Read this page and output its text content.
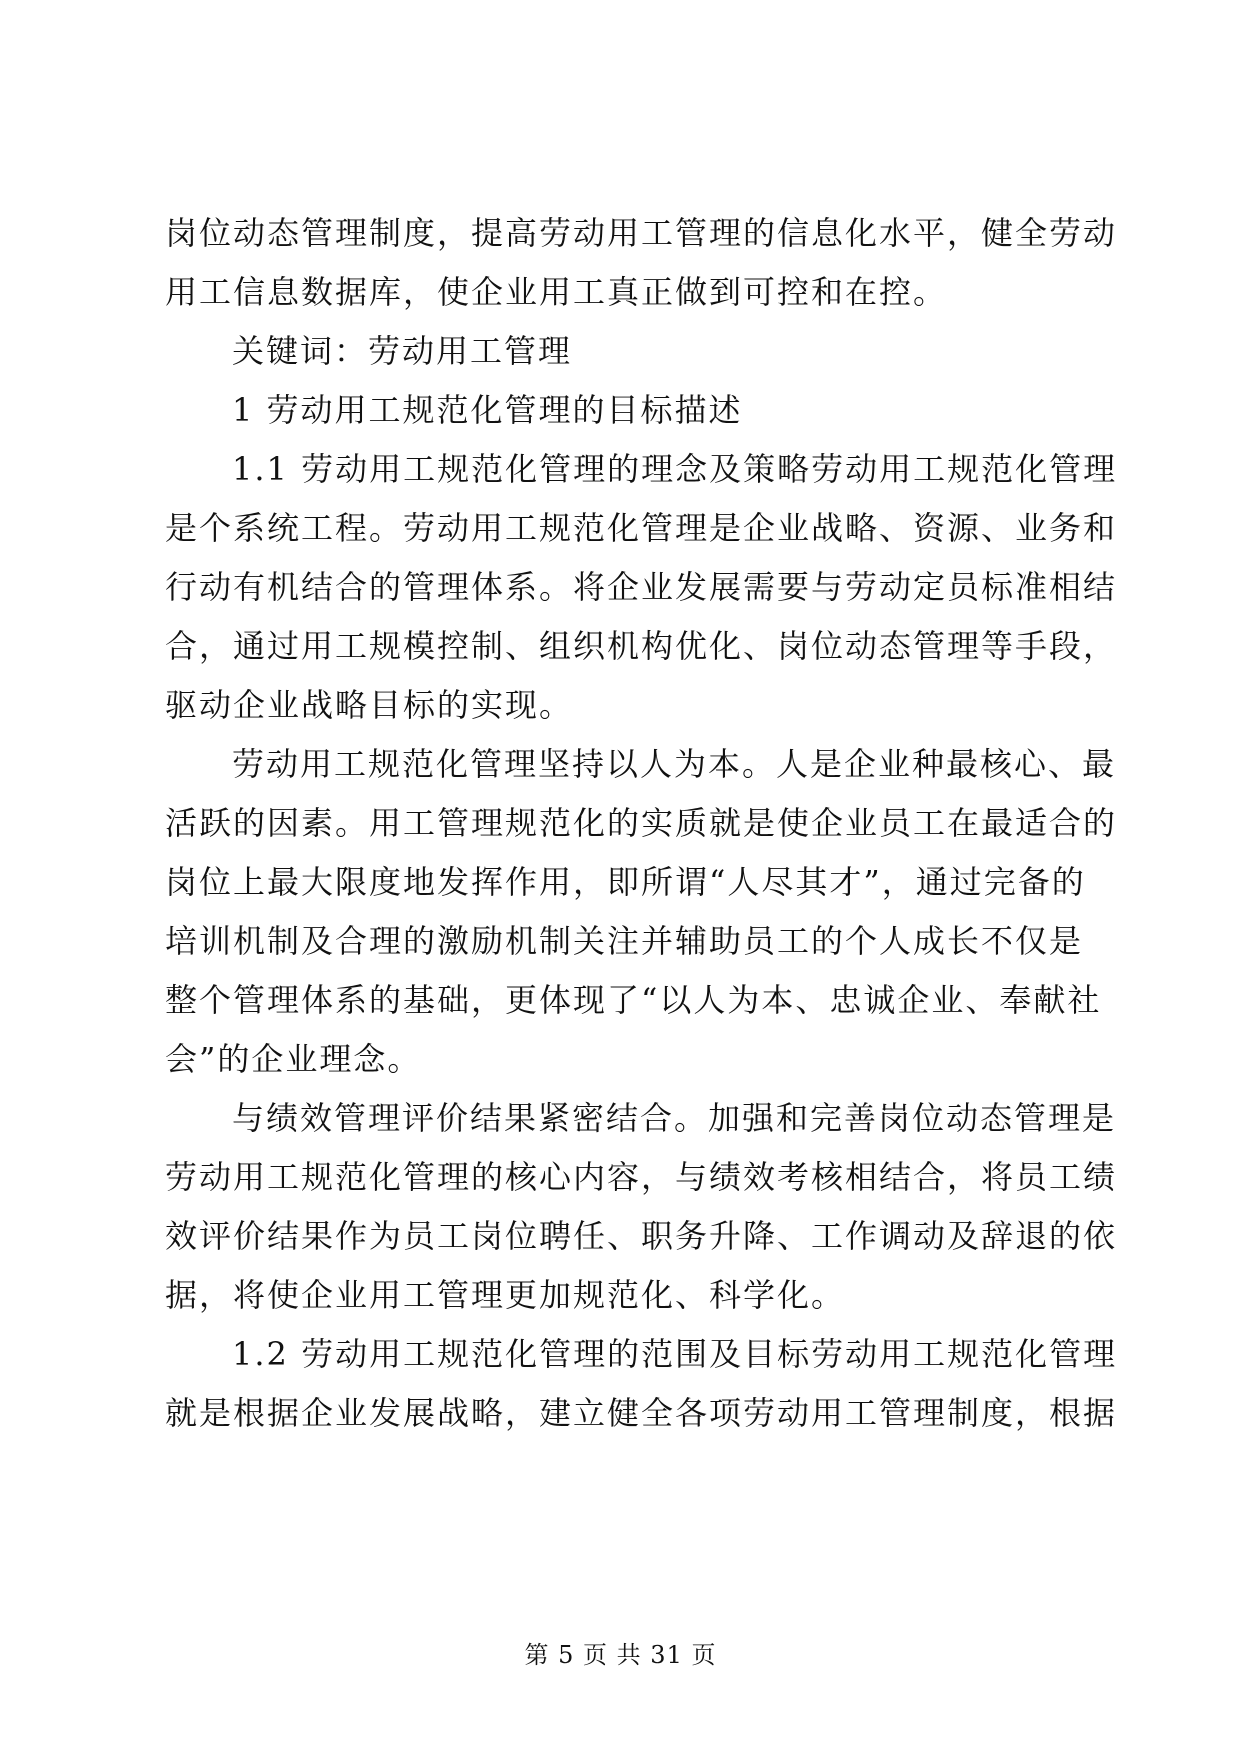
岗位动态管理制度，提高劳动用工管理的信息化水平，健全劳动
用工信息数据库，使企业用工真正做到可控和在控。
关键词：劳动用工管理
1 劳动用工规范化管理的目标描述
1.1 劳动用工规范化管理的理念及策略劳动用工规范化管理
是个系统工程。劳动用工规范化管理是企业战略、资源、业务和
行动有机结合的管理体系。将企业发展需要与劳动定员标准相结
合，通过用工规模控制、组织机构优化、岗位动态管理等手段，
驱动企业战略目标的实现。
劳动用工规范化管理坚持以人为本。人是企业种最核心、最
活跃的因素。用工管理规范化的实质就是使企业员工在最适合的
岗位上最大限度地发挥作用，即所谓“人尽其才”，通过完备的
培训机制及合理的激励机制关注并辅助员工的个人成长不仅是
整个管理体系的基础，更体现了“以人为本、忠诚企业、奉献社
会”的企业理念。
与绩效管理评价结果紧密结合。加强和完善岗位动态管理是
劳动用工规范化管理的核心内容，与绩效考核相结合，将员工绩
效评价结果作为员工岗位聘任、职务升降、工作调动及辞退的依
据，将使企业用工管理更加规范化、科学化。
1.2 劳动用工规范化管理的范围及目标劳动用工规范化管理
就是根据企业发展战略，建立健全各项劳动用工管理制度，根据
第 5 页 共 31 页
